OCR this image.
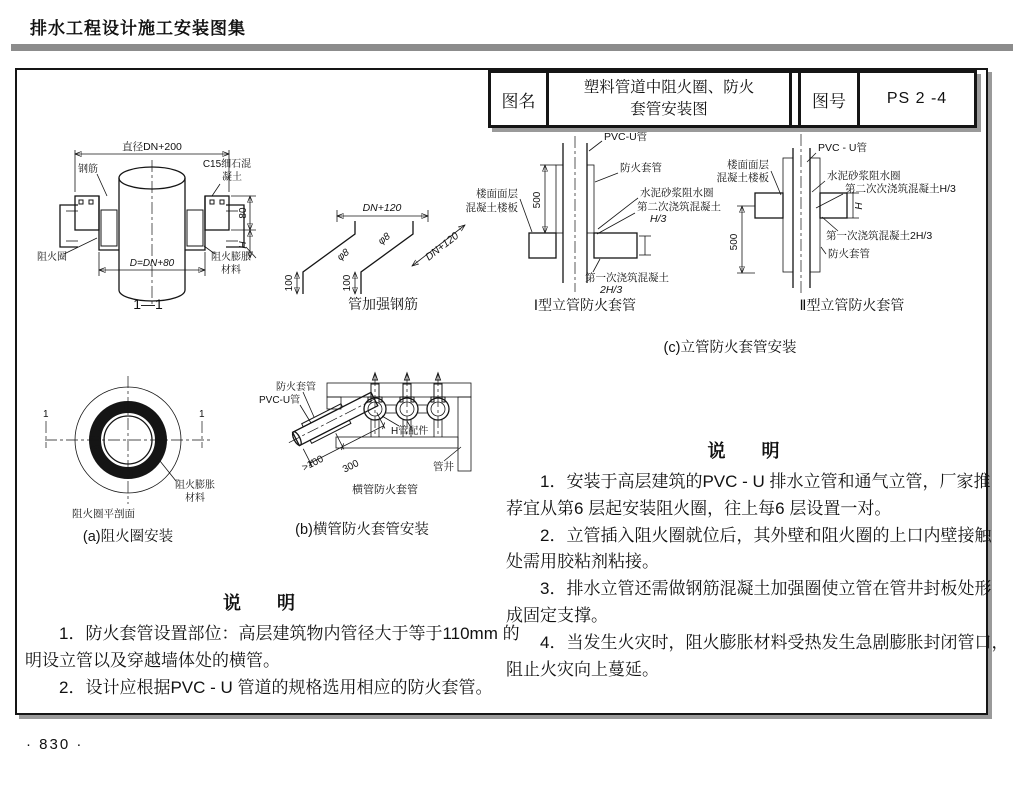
排水工程设计施工安装图集
图名
塑料管道中阻火圈、防火
套管安装图	图号	PS 2 -4
直径DN+200
钢筋	C15细石混
凝土
80
H
阻火圈
D=DN+80
阻火膨胀
材料
1—1
DN+120
DN+120
φ8
φ8
100	100
管加强钢筋
500
PVC-U管
防火套管
水泥砂浆阻水圈
第二次浇筑混凝土
H/3
楼面面层
混凝土楼板
第一次浇筑混凝土
2H/3
Ⅰ型立管防火套管
500
H
PVC - U管
楼面面层
混凝土楼板	水泥砂浆阻水圈
第二次次浇筑混凝土H/3
第一次浇筑混凝土2H/3
防火套管
Ⅱ型立管防火套管
(c)立管防火套管安装
1	1
阻火膨胀
材料
阻火圈平剖面
(a)阻火圈安装
防火套管
PVC-U管
H管配件
>100 300	管井
横管防火套管
(b)横管防火套管安装
说　　明
　　1．防火套管设置部位：高层建筑物内管径大于等于110mm 的
明设立管以及穿越墙体处的横管。
　　2．设计应根据PVC - U 管道的规格选用相应的防火套管。
说　　明
　　1．安装于高层建筑的PVC - U 排水立管和通气立管，厂家推
荐宜从第6 层起安装阻火圈，往上每6 层设置一对。
　　2．立管插入阻火圈就位后，其外壁和阻火圈的上口内壁接触
处需用胶粘剂粘接。
　　3．排水立管还需做钢筋混凝土加强圈使立管在管井封板处形
成固定支撑。
　　4．当发生火灾时，阻火膨胀材料受热发生急剧膨胀封闭管口，
阻止火灾向上蔓延。
· 830 ·
